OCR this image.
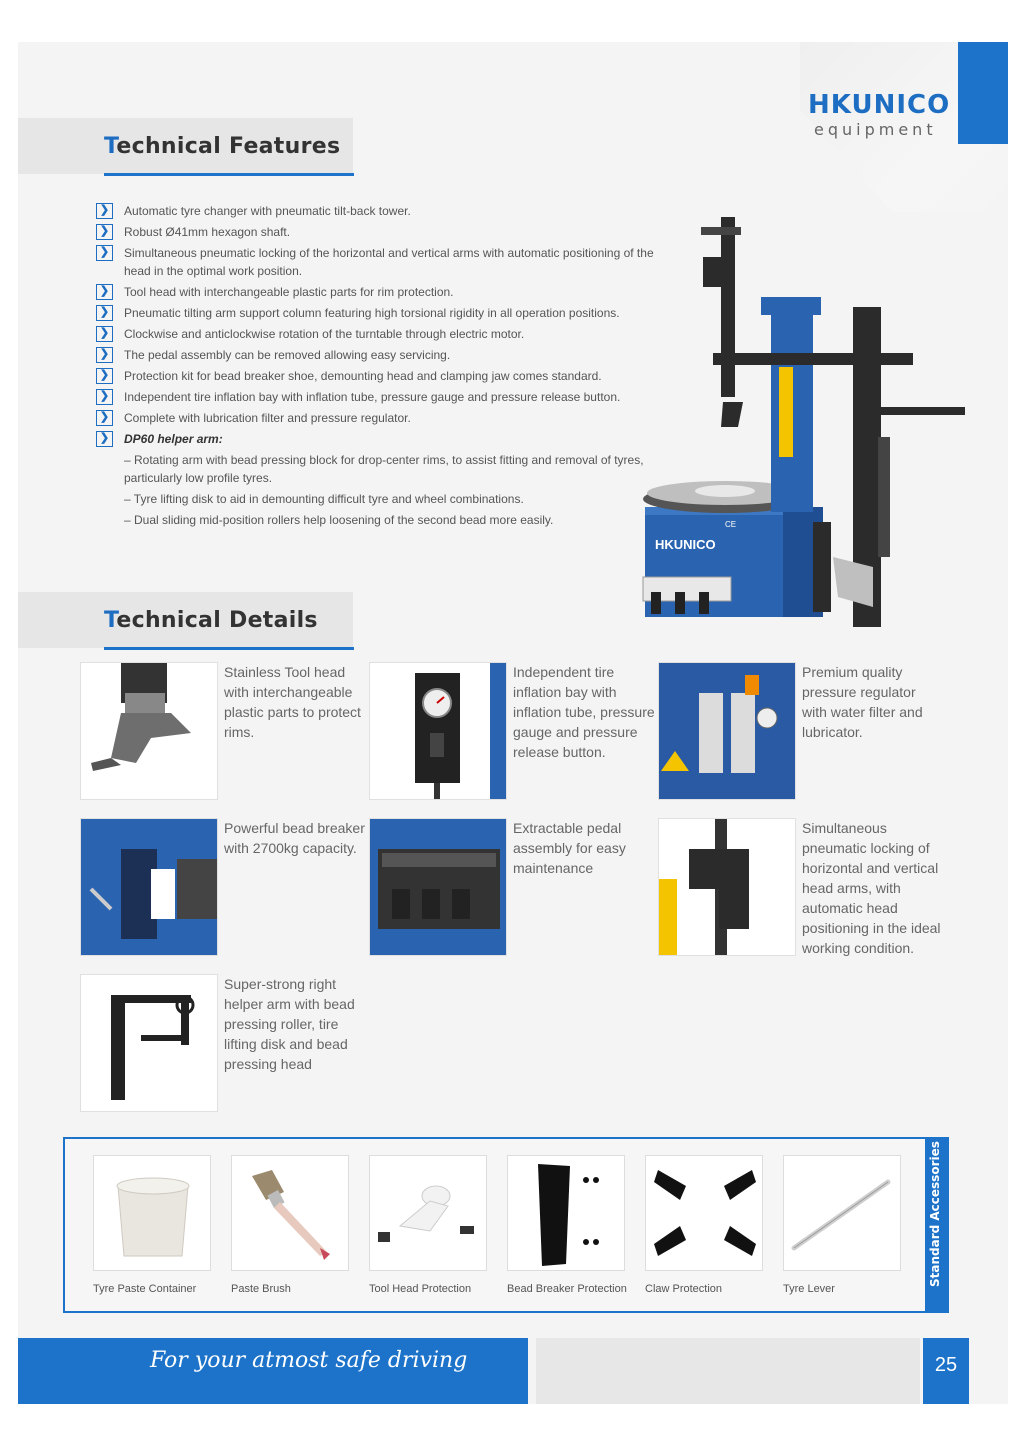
HKUNICO
equipment
Technical Features
❯	Automatic tyre changer with pneumatic tilt-back tower.
❯	Robust Ø41mm hexagon shaft.
❯	Simultaneous pneumatic locking of the horizontal and vertical arms with automatic positioning of the head in the optimal work position.
❯	Tool head with interchangeable plastic parts for rim protection.
❯	Pneumatic tilting arm support column featuring high torsional rigidity in all operation positions.
❯	Clockwise and anticlockwise rotation of the turntable through electric motor.
❯	The pedal assembly can be removed allowing easy servicing.
❯	Protection kit for bead breaker shoe, demounting head and clamping jaw comes standard.
❯	Independent tire inflation bay with inflation tube, pressure gauge and pressure release button.
❯	Complete with lubrication filter and pressure regulator.
❯	DP60 helper arm:
– Rotating arm with bead pressing block for drop-center rims, to assist fitting and removal of tyres, particularly low profile tyres.
– Tyre lifting disk to aid in demounting difficult tyre and wheel combinations.
– Dual sliding mid-position rollers help loosening of the second bead more easily.
HKUNICO
CE
Technical Details
Stainless Tool head with interchangeable plastic parts to protect rims.
Independent tire inflation bay with inflation tube, pressure gauge and pressure release button.
Premium quality pressure regulator with water filter and lubricator.
Powerful bead breaker with 2700kg capacity.
Extractable pedal assembly for easy maintenance
Simultaneous pneumatic locking of horizontal and vertical head arms, with automatic head positioning in the ideal working condition.
Super-strong right helper arm with bead pressing roller, tire lifting disk and bead pressing head
Standard Accessories
Tyre Paste Container	Paste Brush	Tool Head Protection	Bead Breaker Protection Claw Protection	Tyre Lever
For your atmost safe driving	25
